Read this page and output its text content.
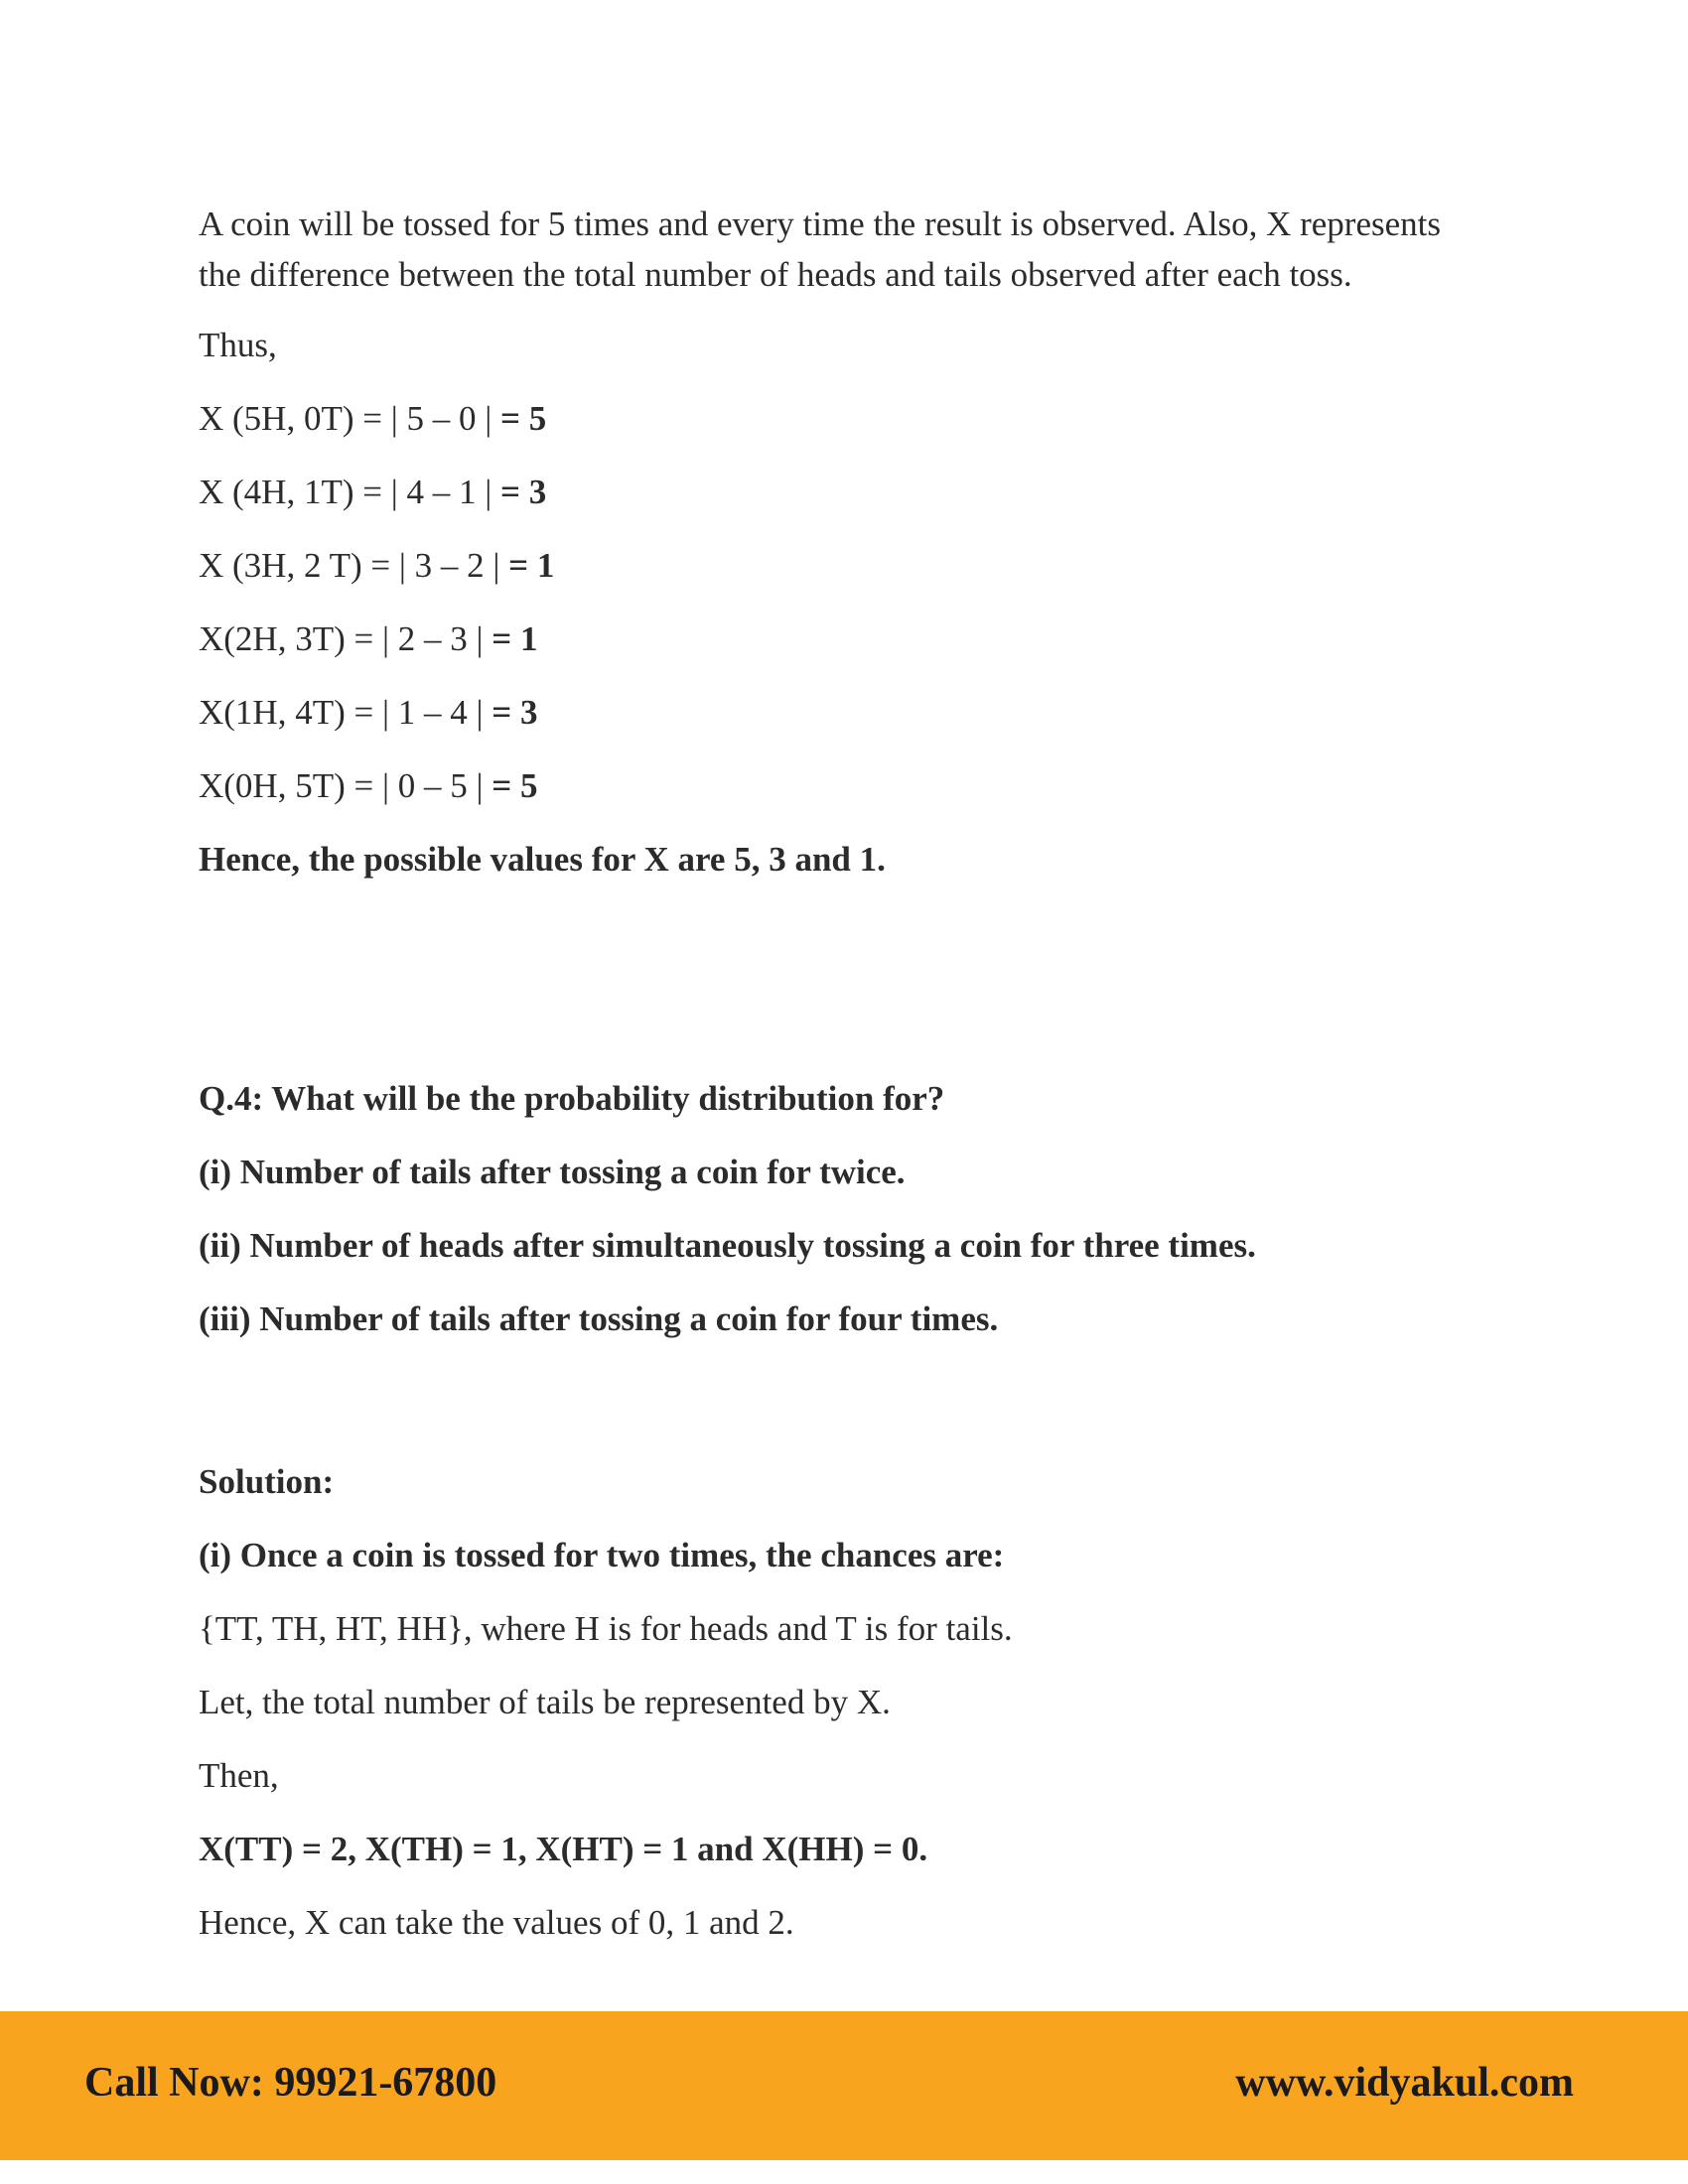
A coin will be tossed for 5 times and every time the result is observed. Also, X represents the difference between the total number of heads and tails observed after each toss.

Thus,

X (5H, 0T) = | 5 – 0 | = 5

X (4H, 1T) = | 4 – 1 | = 3

X (3H, 2 T) = | 3 – 2 | = 1

X(2H, 3T) = | 2 – 3 | = 1

X(1H, 4T) = | 1 – 4 | = 3

X(0H, 5T) = | 0 – 5 | = 5

Hence, the possible values for X are 5, 3 and 1.

Q.4: What will be the probability distribution for?

(i) Number of tails after tossing a coin for twice.

(ii) Number of heads after simultaneously tossing a coin for three times.

(iii) Number of tails after tossing a coin for four times.

Solution:

(i) Once a coin is tossed for two times, the chances are:

{TT, TH, HT, HH}, where H is for heads and T is for tails.

Let, the total number of tails be represented by X.

Then,

X(TT) = 2, X(TH) = 1, X(HT) = 1 and X(HH) = 0.

Hence, X can take the values of 0, 1 and 2.

Call Now: 99921-67800	www.vidyakul.com
